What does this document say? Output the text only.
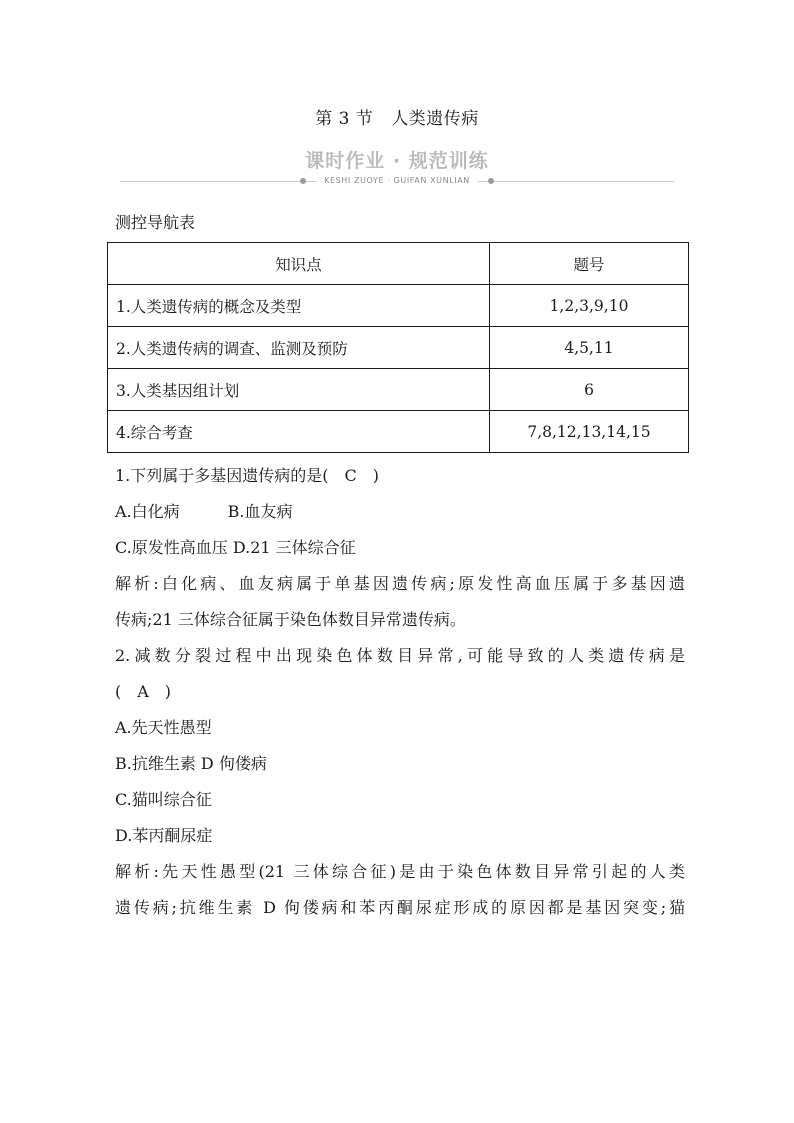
第 3 节 人类遗传病
课时作业 · 规范训练
KESHI ZUOYE · GUIFAN XUNLIAN
测控导航表
知识点	题号
1.人类遗传病的概念及类型	1,2,3,9,10
2.人类遗传病的调查、监测及预防	4,5,11
3.人类基因组计划	6
4.综合考查	7,8,12,13,14,15

1.下列属于多基因遗传病的是(　C　)

A.白化病	B.血友病

C.原发性高血压 D.21 三体综合征

解析:白化病、血友病属于单基因遗传病;原发性高血压属于多基因遗

传病;21 三体综合征属于染色体数目异常遗传病。

2.减数分裂过程中出现染色体数目异常,可能导致的人类遗传病是

(　A　)

A.先天性愚型

B.抗维生素 D 佝偻病

C.猫叫综合征

D.苯丙酮尿症

解析:先天性愚型(21 三体综合征)是由于染色体数目异常引起的人类

遗传病;抗维生素 D 佝偻病和苯丙酮尿症形成的原因都是基因突变;猫
